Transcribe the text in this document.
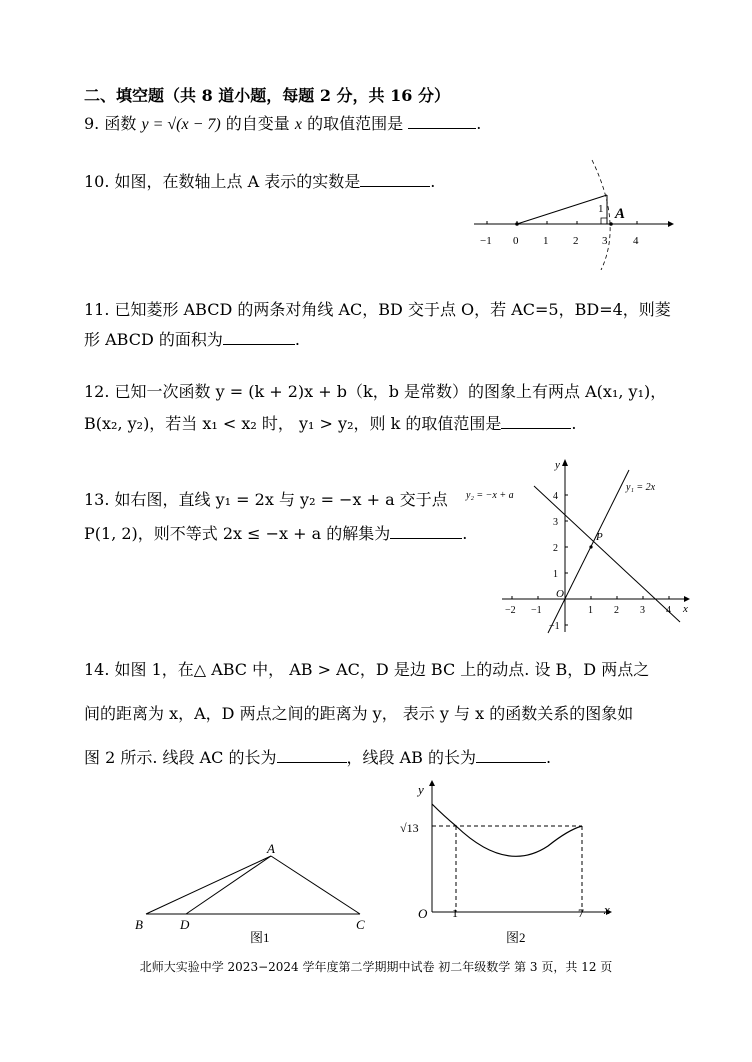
二、填空题（共 8 道小题，每题 2 分，共 16 分）
9. 函数 y = √(x − 7) 的自变量 x 的取值范围是	.
10. 如图，在数轴上点 A 表示的实数是	.
1 A
−1 0 1 2 3 4
11. 已知菱形 ABCD 的两条对角线 AC，BD 交于点 O，若 AC=5，BD=4，则菱
形 ABCD 的面积为	.
12. 已知一次函数 y = (k + 2)x + b（k，b 是常数）的图象上有两点 A(x₁, y₁)，
B(x₂, y₂)，若当 x₁ < x₂ 时， y₁ > y₂，则 k 的取值范围是	.
13. 如右图，直线 y₁ = 2x 与 y₂ = −x + a 交于点
P(1, 2)，则不等式 2x ≤ −x + a 的解集为	.	P
y₁ = 2x
y₂ = −x + a
y
x
O
−2 −1	1 2 3 4
4
3
2
1
−1
14. 如图 1，在△ ABC 中， AB > AC，D 是边 BC 上的动点. 设 B，D 两点之
间的距离为 x，A，D 两点之间的距离为 y， 表示 y 与 x 的函数关系的图象如
图 2 所示. 线段 AC 的长为	，线段 AB 的长为	.
A
B	D	C
图1
y
x
O
√13
1	7
图2
北师大实验中学 2023−2024 学年度第二学期期中试卷 初二年级数学 第 3 页，共 12 页
